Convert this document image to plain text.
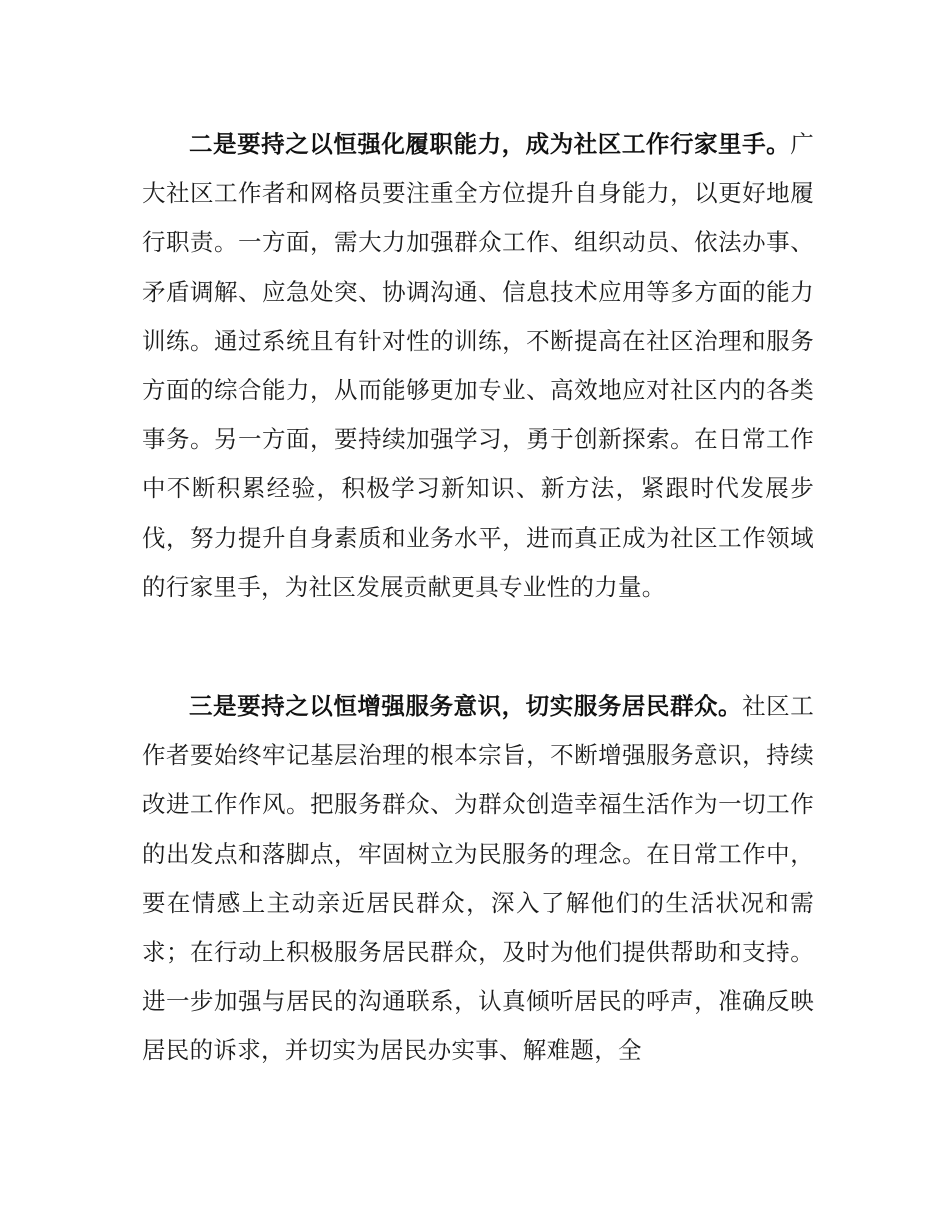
二是要持之以恒强化履职能力，成为社区工作行家里手。广大社区工作者和网格员要注重全方位提升自身能力，以更好地履行职责。一方面，需大力加强群众工作、组织动员、依法办事、矛盾调解、应急处突、协调沟通、信息技术应用等多方面的能力训练。通过系统且有针对性的训练，不断提高在社区治理和服务方面的综合能力，从而能够更加专业、高效地应对社区内的各类事务。另一方面，要持续加强学习，勇于创新探索。在日常工作中不断积累经验，积极学习新知识、新方法，紧跟时代发展步伐，努力提升自身素质和业务水平，进而真正成为社区工作领域的行家里手，为社区发展贡献更具专业性的力量。

三是要持之以恒增强服务意识，切实服务居民群众。社区工作者要始终牢记基层治理的根本宗旨，不断增强服务意识，持续改进工作作风。把服务群众、为群众创造幸福生活作为一切工作的出发点和落脚点，牢固树立为民服务的理念。在日常工作中，要在情感上主动亲近居民群众，深入了解他们的生活状况和需求；在行动上积极服务居民群众，及时为他们提供帮助和支持。进一步加强与居民的沟通联系，认真倾听居民的呼声，准确反映居民的诉求，并切实为居民办实事、解难题，全
